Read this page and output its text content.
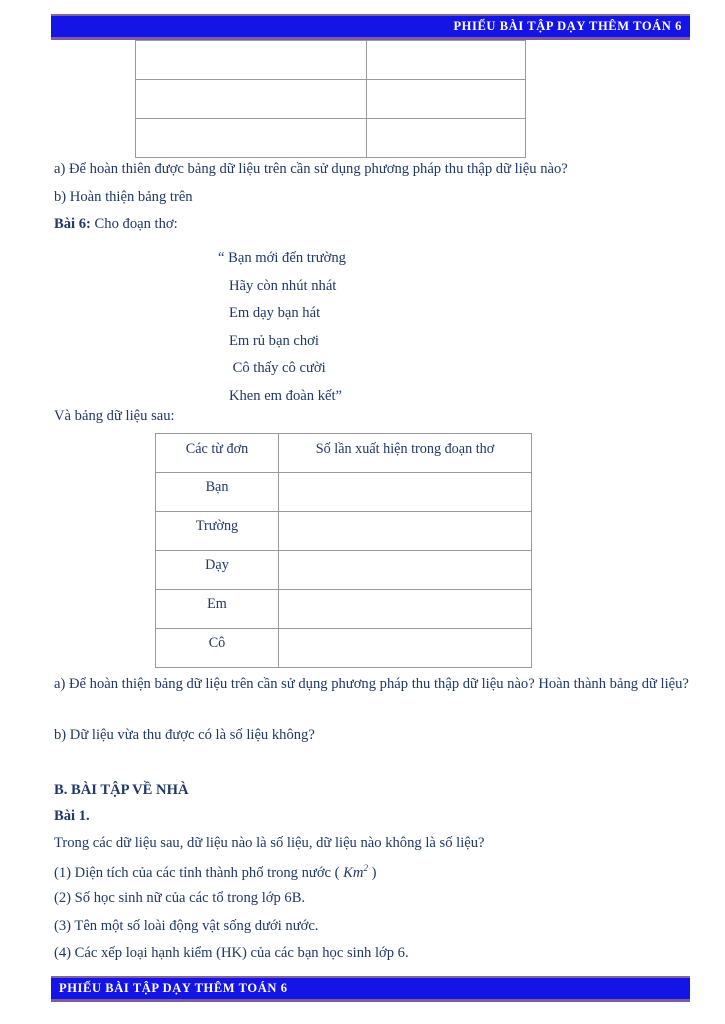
PHIẾU BÀI TẬP DẠY THÊM TOÁN 6

a) Để hoàn thiên được bảng dữ liệu trên cần sử dụng phương pháp thu thập dữ liệu nào?

b) Hoàn thiện bảng trên

Bài 6: Cho đoạn thơ:

“ Bạn mới đến trường

Hãy còn nhút nhát

Em dạy bạn hát

Em rủ bạn chơi

Cô thấy cô cười

Khen em đoàn kết”

Và bảng dữ liệu sau:

Các từ đơn	Số lần xuất hiện trong đoạn thơ

Bạn	

Trường	

Dạy	

Em	

Cô	

a) Để hoàn thiện bảng dữ liệu trên cần sử dụng phương pháp thu thập dữ liệu nào? Hoàn thành bảng dữ liệu?

b) Dữ liệu vừa thu được có là số liệu không?

B. BÀI TẬP VỀ NHÀ

Bài 1.

Trong các dữ liệu sau, dữ liệu nào là số liệu, dữ liệu nào không là số liệu?

(1) Diện tích của các tỉnh thành phố trong nước ( Km$^2$ )

(2) Số học sinh nữ của các tổ trong lớp 6B.

(3) Tên một số loài động vật sống dưới nước.

(4) Các xếp loại hạnh kiểm (HK) của các bạn học sinh lớp 6.

PHIẾU BÀI TẬP DẠY THÊM TOÁN 6
